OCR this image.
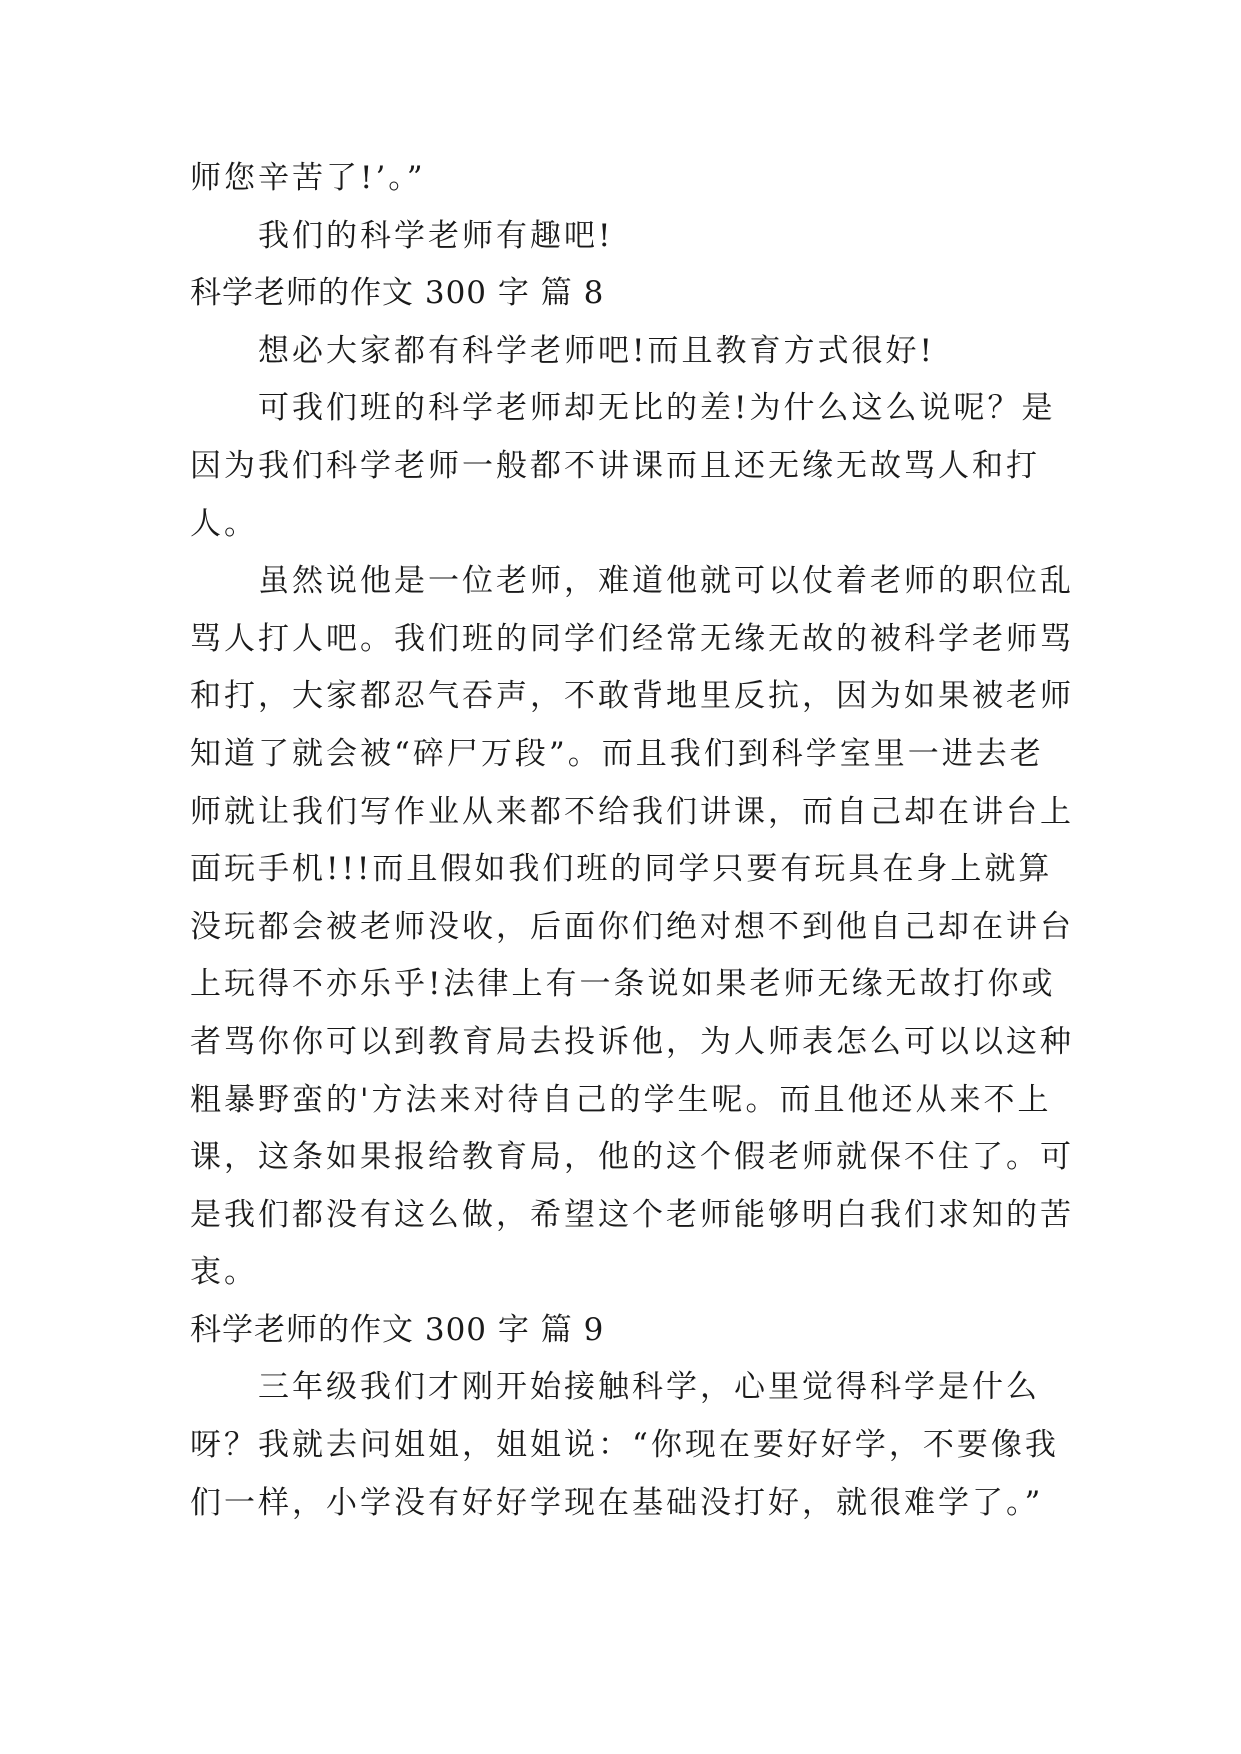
师您辛苦了!’。”
我们的科学老师有趣吧!
科学老师的作文 300 字 篇 8
想必大家都有科学老师吧!而且教育方式很好!
可我们班的科学老师却无比的差!为什么这么说呢？是
因为我们科学老师一般都不讲课而且还无缘无故骂人和打
人。
虽然说他是一位老师，难道他就可以仗着老师的职位乱
骂人打人吧。我们班的同学们经常无缘无故的被科学老师骂
和打，大家都忍气吞声，不敢背地里反抗，因为如果被老师
知道了就会被“碎尸万段”。而且我们到科学室里一进去老
师就让我们写作业从来都不给我们讲课，而自己却在讲台上
面玩手机!!!而且假如我们班的同学只要有玩具在身上就算
没玩都会被老师没收，后面你们绝对想不到他自己却在讲台
上玩得不亦乐乎!法律上有一条说如果老师无缘无故打你或
者骂你你可以到教育局去投诉他，为人师表怎么可以以这种
粗暴野蛮的'方法来对待自己的学生呢。而且他还从来不上
课，这条如果报给教育局，他的这个假老师就保不住了。可
是我们都没有这么做，希望这个老师能够明白我们求知的苦
衷。
科学老师的作文 300 字 篇 9
三年级我们才刚开始接触科学，心里觉得科学是什么
呀？我就去问姐姐，姐姐说：“你现在要好好学，不要像我
们一样，小学没有好好学现在基础没打好，就很难学了。”
